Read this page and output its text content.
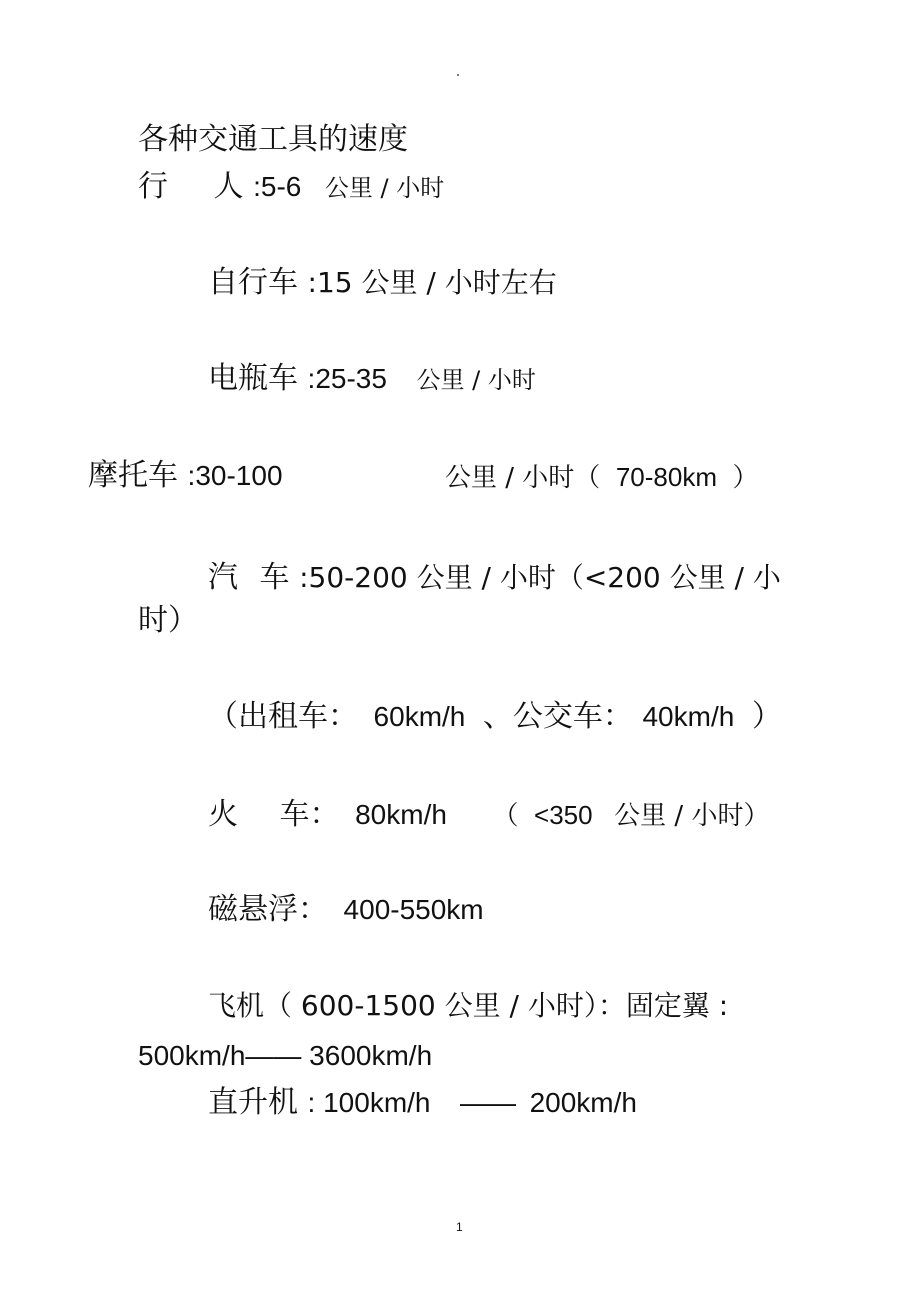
各种交通工具的速度
行 人 :5-6 公里 / 小时
自行车 :15 公里 / 小时左右
电瓶车 :25-35 公里 / 小时
摩托车 :30-100	公里 / 小时（ 70-80km ）
汽 车 :50-200 公里 / 小时（<200 公里 / 小
时）
（出租车： 60km/h 、公交车： 40km/h ）
火 车： 80km/h （ <350 公里 / 小时）
磁悬浮： 400-550km
飞机（ 600-1500 公里 / 小时）：固定翼 :
500km/h—— 3600km/h
直升机 : 100km/h —— 200km/h
1
